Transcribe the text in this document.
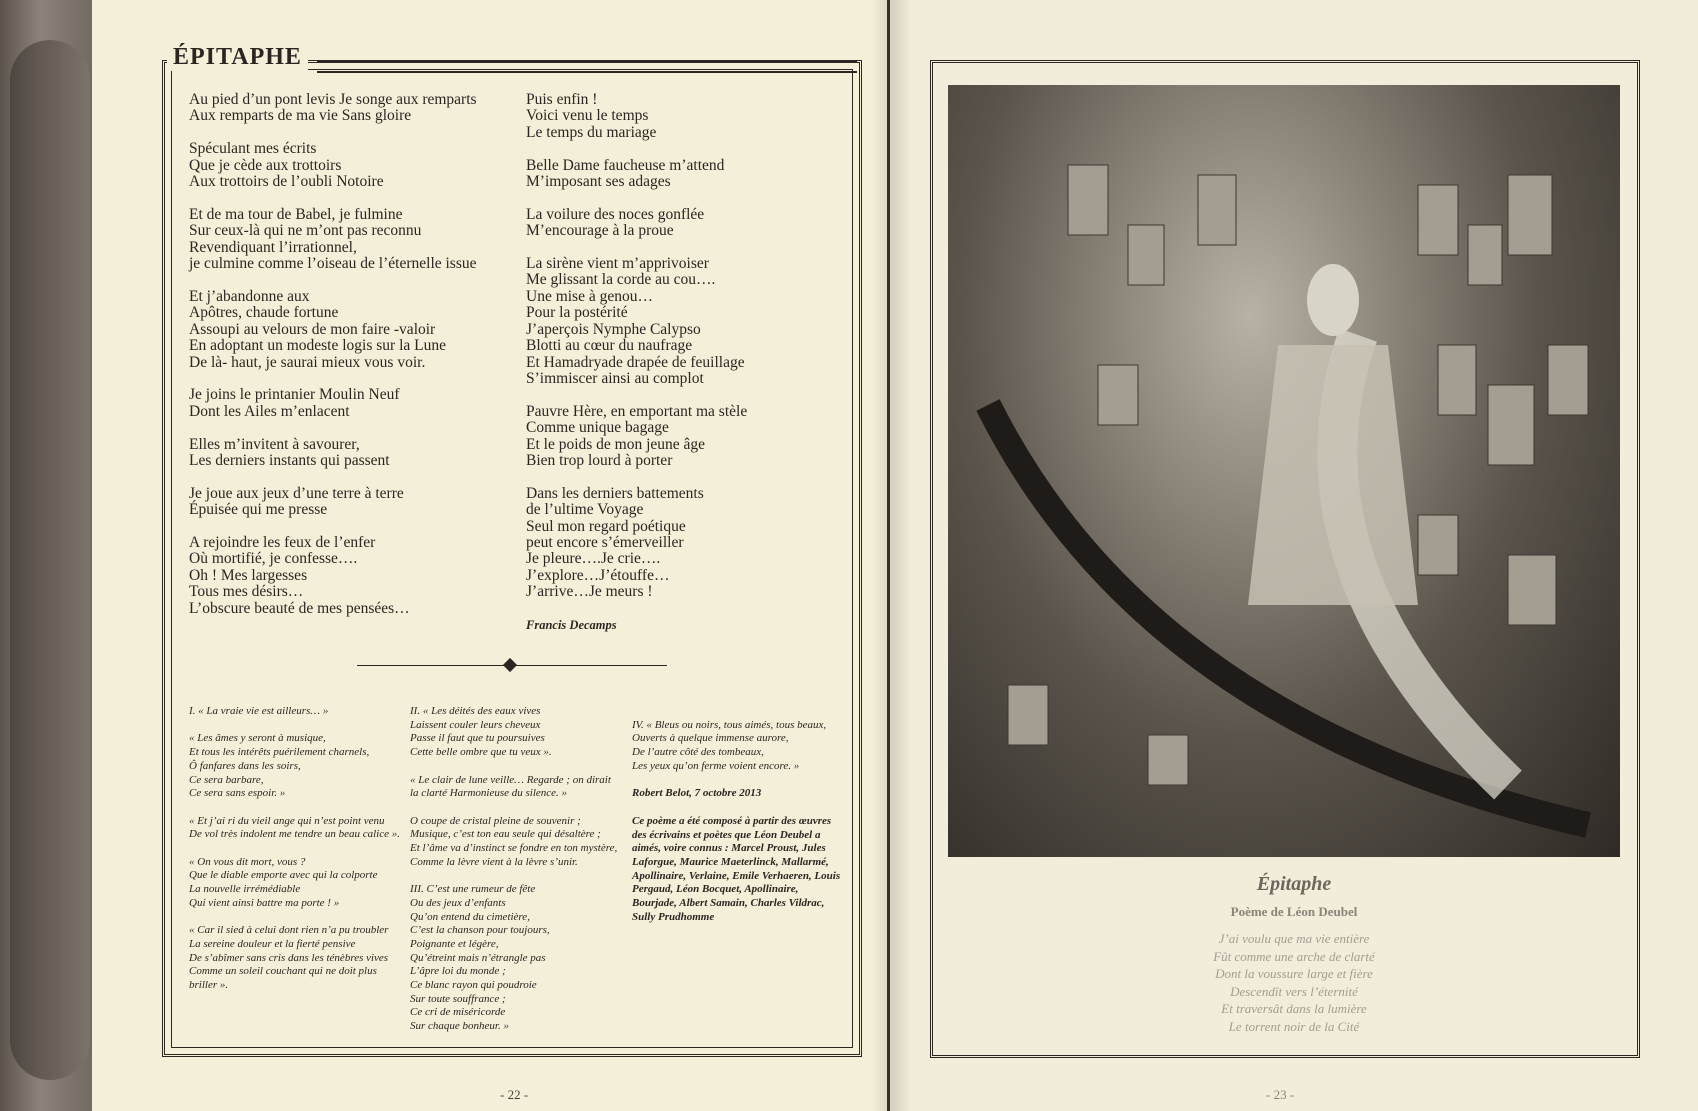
ÉPITAPHE
Au pied d’un pont levis Je songe aux remparts
Aux remparts de ma vie Sans gloire

Spéculant mes écrits
Que je cède aux trottoirs
Aux trottoirs de l’oubli Notoire

Et de ma tour de Babel, je fulmine
Sur ceux-là qui ne m’ont pas reconnu
Revendiquant l’irrationnel,
je culmine comme l’oiseau de l’éternelle issue

Et j’abandonne aux
Apôtres, chaude fortune
Assoupi au velours de mon faire -valoir
En adoptant un modeste logis sur la Lune
De là- haut, je saurai mieux vous voir.

Je joins le printanier Moulin Neuf
Dont les Ailes m’enlacent

Elles m’invitent à savourer,
Les derniers instants qui passent

Je joue aux jeux d’une terre à terre
Épuisée qui me presse

A rejoindre les feux de l’enfer
Où mortifié, je confesse….
Oh ! Mes largesses
Tous mes désirs…
L’obscure beauté de mes pensées…
Puis enfin !
Voici venu le temps
Le temps du mariage

Belle Dame faucheuse m’attend
M’imposant ses adages

La voilure des noces gonflée
M’encourage à la proue

La sirène vient m’apprivoiser
Me glissant la corde au cou….
Une mise à genou…
Pour la postérité
J’aperçois Nymphe Calypso
Blotti au cœur du naufrage
Et Hamadryade drapée de feuillage
S’immiscer ainsi au complot

Pauvre Hère, en emportant ma stèle
Comme unique bagage
Et le poids de mon jeune âge
Bien trop lourd à porter

Dans les derniers battements
de l’ultime Voyage
Seul mon regard poétique
peut encore s’émerveiller
Je pleure….Je crie….
J’explore…J’étouffe…
J’arrive…Je meurs !
Francis Decamps
I. « La vraie vie est ailleurs… »

« Les âmes y seront à musique,
Et tous les intérêts puérilement charnels,
Ô fanfares dans les soirs,
Ce sera barbare,
Ce sera sans espoir. »

« Et j’ai ri du vieil ange qui n’est point venu
De vol très indolent me tendre un beau calice ».

« On vous dit mort, vous ?
Que le diable emporte avec qui la colporte
La nouvelle irrémédiable
Qui vient ainsi battre ma porte ! »

« Car il sied à celui dont rien n’a pu troubler
La sereine douleur et la fierté pensive
De s’abîmer sans cris dans les ténèbres vives
Comme un soleil couchant qui ne doit plus briller ».
II. « Les déités des eaux vives
Laissent couler leurs cheveux
Passe il faut que tu poursuives
Cette belle ombre que tu veux ».

« Le clair de lune veille… Regarde ; on dirait la clarté Harmonieuse du silence. »

O coupe de cristal pleine de souvenir ;
Musique, c’est ton eau seule qui désaltère ;
Et l’âme va d’instinct se fondre en ton mystère,
Comme la lèvre vient à la lèvre s’unir.

III. C’est une rumeur de fête
Ou des jeux d’enfants
Qu’on entend du cimetière,
C’est la chanson pour toujours,
Poignante et légère,
Qu’étreint mais n’étrangle pas
L’âpre loi du monde ;
Ce blanc rayon qui poudroie
Sur toute souffrance ;
Ce cri de miséricorde
Sur chaque bonheur. »

IV. « Bleus ou noirs, tous aimés, tous beaux,
Ouverts à quelque immense aurore,
De l’autre côté des tombeaux,
Les yeux qu’on ferme voient encore. »

Robert Belot, 7 octobre 2013

Ce poème a été composé à partir des œuvres des écrivains et poètes que Léon Deubel a aimés, voire connus : Marcel Proust, Jules Laforgue, Maurice Maeterlinck, Mallarmé, Apollinaire, Verlaine, Emile Verhaeren, Louis Pergaud, Léon Bocquet, Apollinaire, Bourjade, Albert Samain, Charles Vildrac, Sully Prudhomme

- 22 -
Épitaphe
Poème de Léon Deubel
J’ai voulu que ma vie entière
Fût comme une arche de clarté
Dont la voussure large et fière
Descendît vers l’éternité
Et traversât dans la lumière
Le torrent noir de la Cité
- 23 -
